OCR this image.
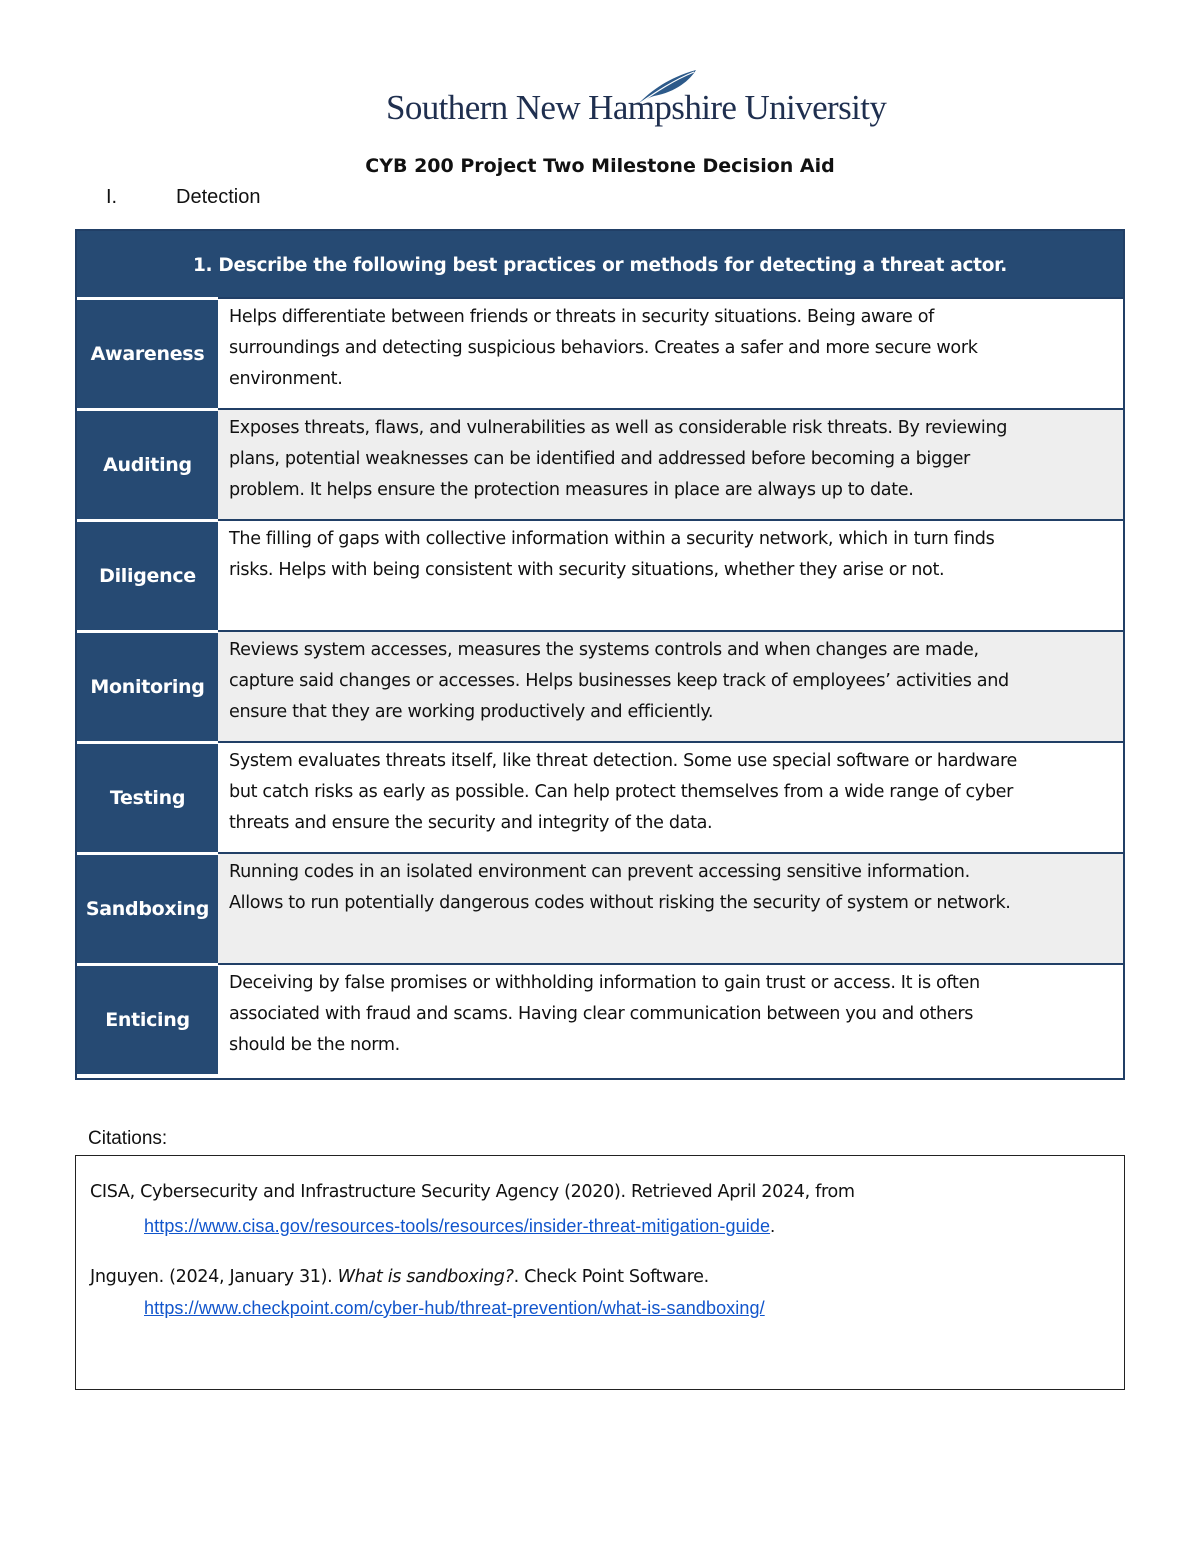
Southern New Hampshire University
CYB 200 Project Two Milestone Decision Aid
I.	Detection
1. Describe the following best practices or methods for detecting a threat actor.
Awareness
Helps differentiate between friends or threats in security situations. Being aware of
surroundings and detecting suspicious behaviors. Creates a safer and more secure work
environment.
Auditing
Exposes threats, flaws, and vulnerabilities as well as considerable risk threats. By reviewing
plans, potential weaknesses can be identified and addressed before becoming a bigger
problem. It helps ensure the protection measures in place are always up to date.
Diligence
The filling of gaps with collective information within a security network, which in turn finds
risks. Helps with being consistent with security situations, whether they arise or not.
Monitoring
Reviews system accesses, measures the systems controls and when changes are made,
capture said changes or accesses. Helps businesses keep track of employees’ activities and
ensure that they are working productively and efficiently.
Testing
System evaluates threats itself, like threat detection. Some use special software or hardware
but catch risks as early as possible. Can help protect themselves from a wide range of cyber
threats and ensure the security and integrity of the data.
Sandboxing
Running codes in an isolated environment can prevent accessing sensitive information.
Allows to run potentially dangerous codes without risking the security of system or network.
Enticing
Deceiving by false promises or withholding information to gain trust or access. It is often
associated with fraud and scams. Having clear communication between you and others
should be the norm.
Citations:
CISA, Cybersecurity and Infrastructure Security Agency (2020). Retrieved April 2024, from
https://www.cisa.gov/resources-tools/resources/insider-threat-mitigation-guide.
Jnguyen. (2024, January 31). What is sandboxing?. Check Point Software.
https://www.checkpoint.com/cyber-hub/threat-prevention/what-is-sandboxing/
